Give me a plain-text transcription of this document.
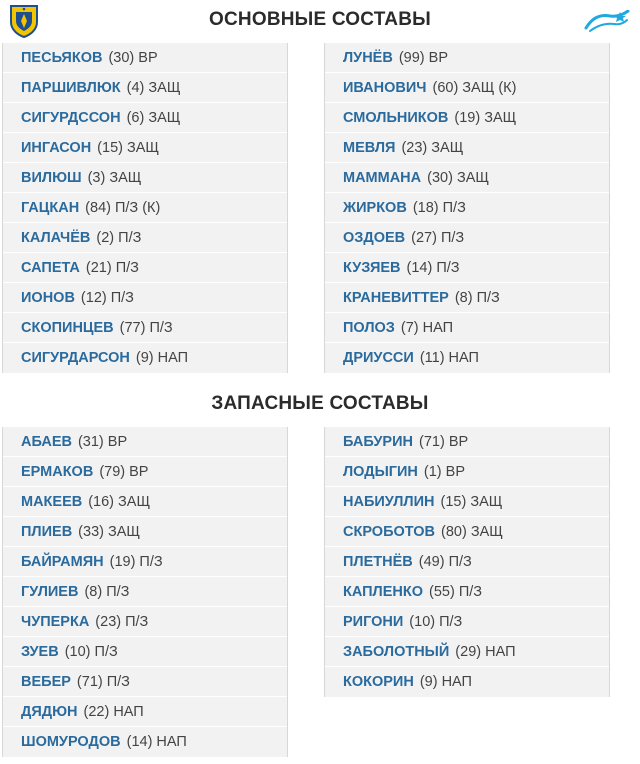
ОСНОВНЫЕ СОСТАВЫ
ПЕСЬЯКОВ (30) ВР
ПАРШИВЛЮК (4) ЗАЩ
СИГУРДССОН (6) ЗАЩ
ИНГАСОН (15) ЗАЩ
ВИЛЮШ (3) ЗАЩ
ГАЦКАН (84) П/З (К)
КАЛАЧЁВ (2) П/З
САПЕТА (21) П/З
ИОНОВ (12) П/З
СКОПИНЦЕВ (77) П/З
СИГУРДАРСОН (9) НАП
ЛУНЁВ (99) ВР
ИВАНОВИЧ (60) ЗАЩ (К)
СМОЛЬНИКОВ (19) ЗАЩ
МЕВЛЯ (23) ЗАЩ
МАММАНА (30) ЗАЩ
ЖИРКОВ (18) П/З
ОЗДОЕВ (27) П/З
КУЗЯЕВ (14) П/З
КРАНЕВИТТЕР (8) П/З
ПОЛОЗ (7) НАП
ДРИУССИ (11) НАП
ЗАПАСНЫЕ СОСТАВЫ
АБАЕВ (31) ВР
ЕРМАКОВ (79) ВР
МАКЕЕВ (16) ЗАЩ
ПЛИЕВ (33) ЗАЩ
БАЙРАМЯН (19) П/З
ГУЛИЕВ (8) П/З
ЧУПЕРКА (23) П/З
ЗУЕВ (10) П/З
ВЕБЕР (71) П/З
ДЯДЮН (22) НАП
ШОМУРОДОВ (14) НАП
БАБУРИН (71) ВР
ЛОДЫГИН (1) ВР
НАБИУЛЛИН (15) ЗАЩ
СКРОБОТОВ (80) ЗАЩ
ПЛЕТНЁВ (49) П/З
КАПЛЕНКО (55) П/З
РИГОНИ (10) П/З
ЗАБОЛОТНЫЙ (29) НАП
КОКОРИН (9) НАП
